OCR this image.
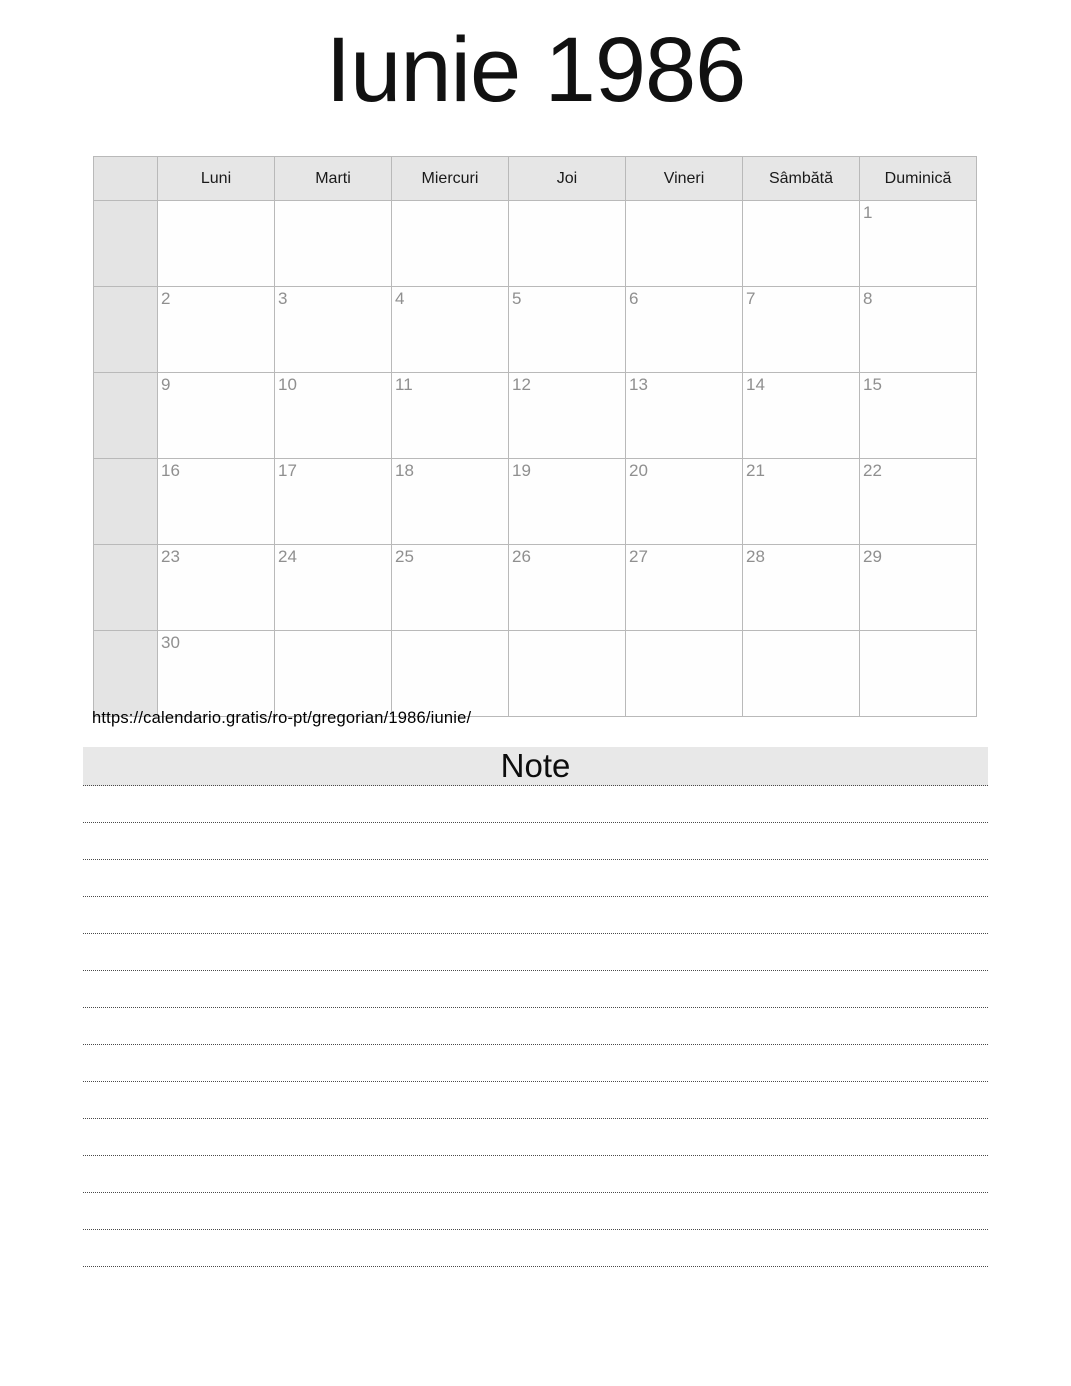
Iunie 1986
	Luni	Marti	Miercuri	Joi	Vineri	Sâmbătă	Duminică
							1
	2	3	4	5	6	7	8
	9	10	11	12	13	14	15
	16	17	18	19	20	21	22
	23	24	25	26	27	28	29
	30						
https://calendario.gratis/ro-pt/gregorian/1986/iunie/
Note
